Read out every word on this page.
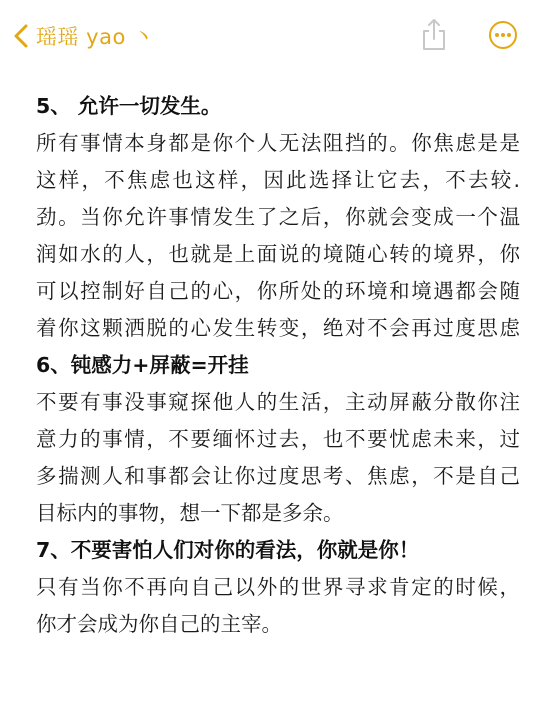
瑶瑶 yao 丶
5、 允许一切发生。
所有事情本身都是你个人无法阻挡的。你焦虑是是
这样，不焦虑也这样，因此选择让它去，不去较.
劲。当你允许事情发生了之后，你就会变成一个温
润如水的人，也就是上面说的境随心转的境界，你
可以控制好自己的心，你所处的环境和境遇都会随
着你这颗洒脱的心发生转变，绝对不会再过度思虑
6、钝感力+屏蔽=开挂
不要有事没事窥探他人的生活，主动屏蔽分散你注
意力的事情，不要缅怀过去，也不要忧虑未来，过
多揣测人和事都会让你过度思考、焦虑，不是自己
目标内的事物，想一下都是多余。
7、不要害怕人们对你的看法，你就是你！
只有当你不再向自己以外的世界寻求肯定的时候，
你才会成为你自己的主宰。
